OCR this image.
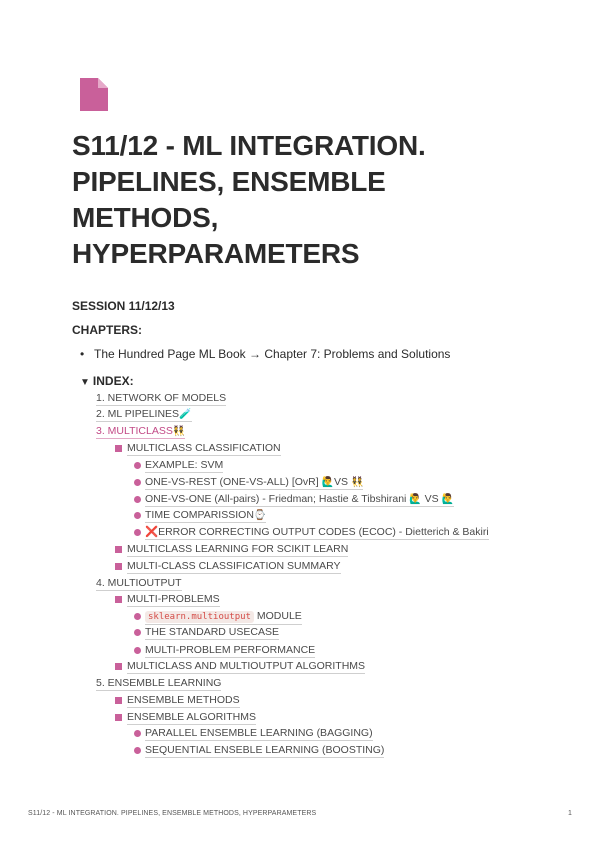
S11/12 - ML INTEGRATION.
PIPELINES, ENSEMBLE
METHODS,
HYPERPARAMETERS
SESSION 11/12/13
CHAPTERS:
• The Hundred Page ML Book → Chapter 7: Problems and Solutions
▼ INDEX:
1. NETWORK OF MODELS
2. ML PIPELINES🧪
3. MULTICLASS👯
MULTICLASS CLASSIFICATION
EXAMPLE: SVM
ONE-VS-REST (ONE-VS-ALL) [OvR] 🙋‍♂️VS 👯
ONE-VS-ONE (All-pairs) - Friedman; Hastie & Tibshirani 🙋‍♂️ VS 🙋‍♂️
TIME COMPARISSION⌚
❌ERROR CORRECTING OUTPUT CODES (ECOC) - Dietterich & Bakiri
MULTICLASS LEARNING FOR SCIKIT LEARN
MULTI-CLASS CLASSIFICATION SUMMARY
4. MULTIOUTPUT
MULTI-PROBLEMS
sklearn.multioutput MODULE
THE STANDARD USECASE
MULTI-PROBLEM PERFORMANCE
MULTICLASS AND MULTIOUTPUT ALGORITHMS
5. ENSEMBLE LEARNING
ENSEMBLE METHODS
ENSEMBLE ALGORITHMS
PARALLEL ENSEMBLE LEARNING (BAGGING)
SEQUENTIAL ENSEBLE LEARNING (BOOSTING)
S11/12 - ML INTEGRATION. PIPELINES, ENSEMBLE METHODS, HYPERPARAMETERS	1
